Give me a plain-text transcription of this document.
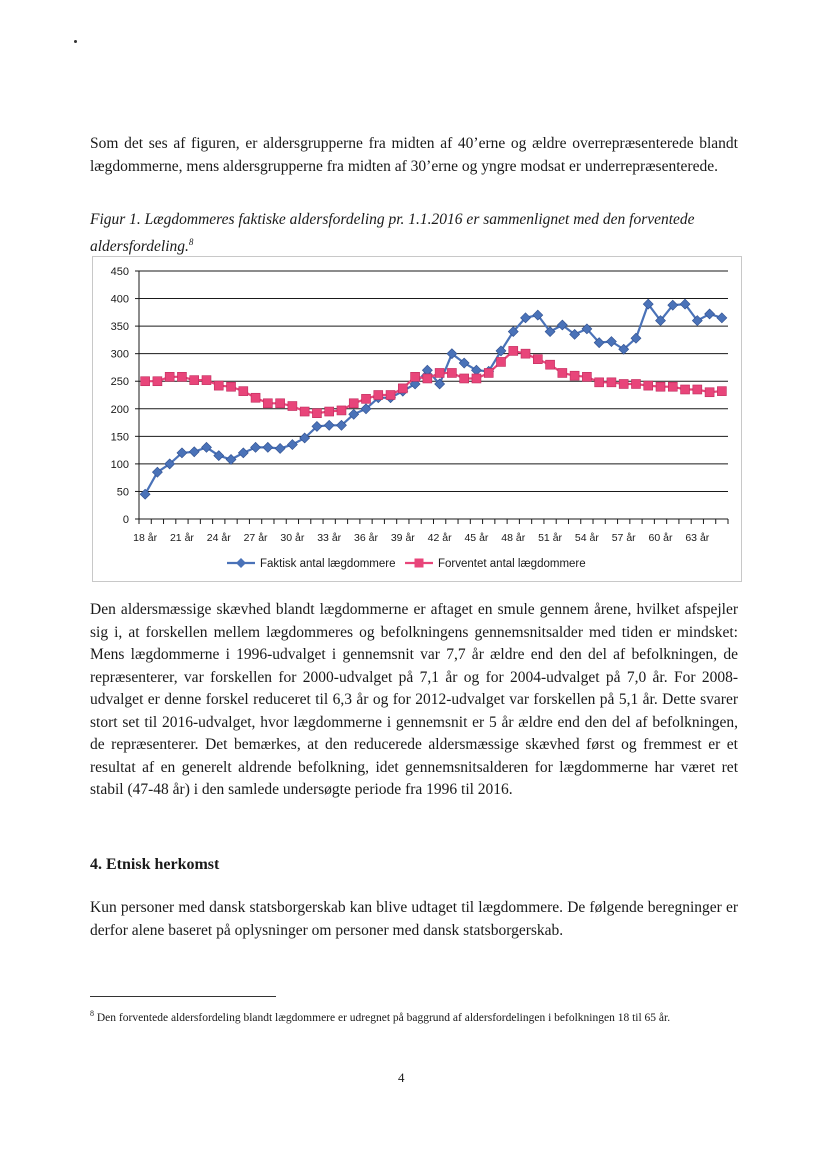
Som det ses af figuren, er aldersgrupperne fra midten af 40’erne og ældre overrepræsenterede blandt lægdommerne, mens aldersgrupperne fra midten af 30’erne og yngre modsat er underrepræsenterede.

Figur 1. Lægdommeres faktiske aldersfordeling pr. 1.1.2016 er sammenlignet med den forventede aldersfordeling.$^8$

0
50
100
150
200
250
300
350
400
450
18 år 21 år 24 år 27 år 30 år 33 år 36 år 39 år 42 år 45 år 48 år 51 år 54 år 57 år 60 år 63 år
Faktisk antal lægdommere	Forventet antal lægdommere

Den aldersmæssige skævhed blandt lægdommerne er aftaget en smule gennem årene, hvilket afspejler sig i, at forskellen mellem lægdommeres og befolkningens gennemsnitsalder med tiden er mindsket: Mens lægdommerne i 1996-udvalget i gennemsnit var 7,7 år ældre end den del af befolkningen, de repræsenterer, var forskellen for 2000-udvalget på 7,1 år og for 2004-udvalget på 7,0 år. For 2008-udvalget er denne forskel reduceret til 6,3 år og for 2012-udvalget var forskellen på 5,1 år. Dette svarer stort set til 2016-udvalget, hvor lægdommerne i gennemsnit er 5 år ældre end den del af befolkningen, de repræsenterer. Det bemærkes, at den reducerede aldersmæssige skævhed først og fremmest er et resultat af en generelt aldrende befolkning, idet gennemsnitsalderen for lægdommerne har været ret stabil (47-48 år) i den samlede undersøgte periode fra 1996 til 2016.

4. Etnisk herkomst

Kun personer med dansk statsborgerskab kan blive udtaget til lægdommere. De følgende beregninger er derfor alene baseret på oplysninger om personer med dansk statsborgerskab.

$^8$ Den forventede aldersfordeling blandt lægdommere er udregnet på baggrund af aldersfordelingen i befolkningen 18 til 65 år.

4
